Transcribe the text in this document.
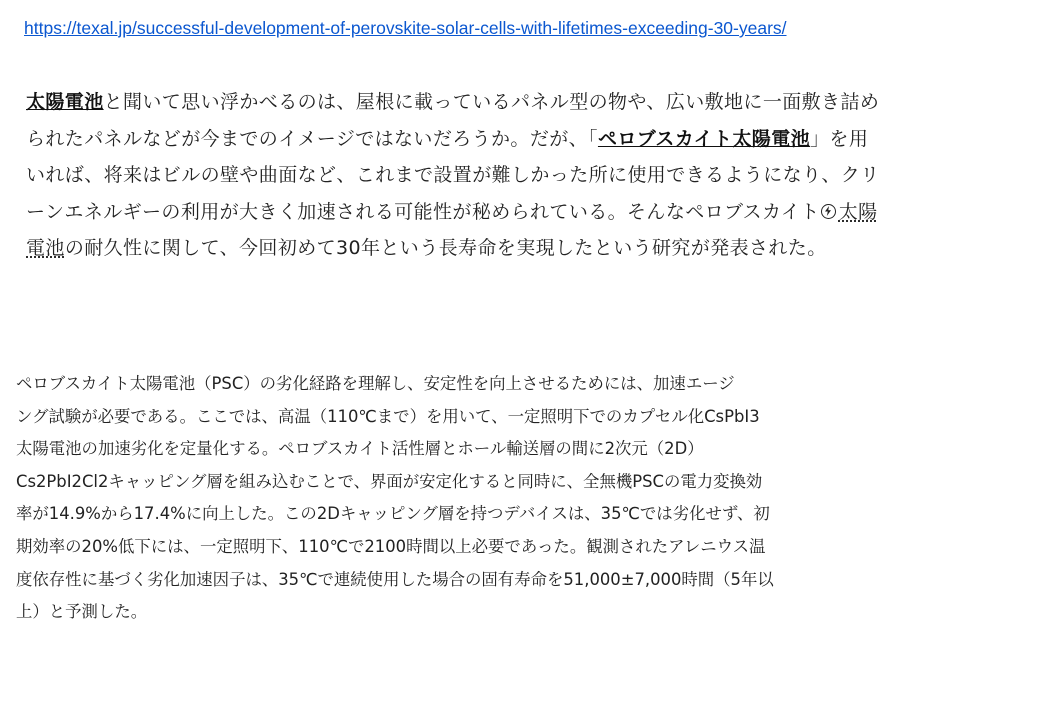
https://texal.jp/successful-development-of-perovskite-solar-cells-with-lifetimes-exceeding-30-years/
太陽電池と聞いて思い浮かべるのは、屋根に載っているパネル型の物や、広い敷地に一面敷き詰め
られたパネルなどが今までのイメージではないだろうか。だが、「ペロブスカイト太陽電池」を用
いれば、将来はビルの壁や曲面など、これまで設置が難しかった所に使用できるようになり、クリ
ーンエネルギーの利用が大きく加速される可能性が秘められている。そんなペロブスカイト 太陽
電池の耐久性に関して、今回初めて30年という長寿命を実現したという研究が発表された。
ペロブスカイト太陽電池（PSC）の劣化経路を理解し、安定性を向上させるためには、加速エージ
ング試験が必要である。ここでは、高温（110℃まで）を用いて、一定照明下でのカプセル化CsPbI3
太陽電池の加速劣化を定量化する。ペロブスカイト活性層とホール輸送層の間に2次元（2D）
Cs2PbI2Cl2キャッピング層を組み込むことで、界面が安定化すると同時に、全無機PSCの電力変換効
率が14.9%から17.4%に向上した。この2Dキャッピング層を持つデバイスは、35℃では劣化せず、初
期効率の20%低下には、一定照明下、110℃で2100時間以上必要であった。観測されたアレニウス温
度依存性に基づく劣化加速因子は、35℃で連続使用した場合の固有寿命を51,000±7,000時間（5年以
上）と予測した。
